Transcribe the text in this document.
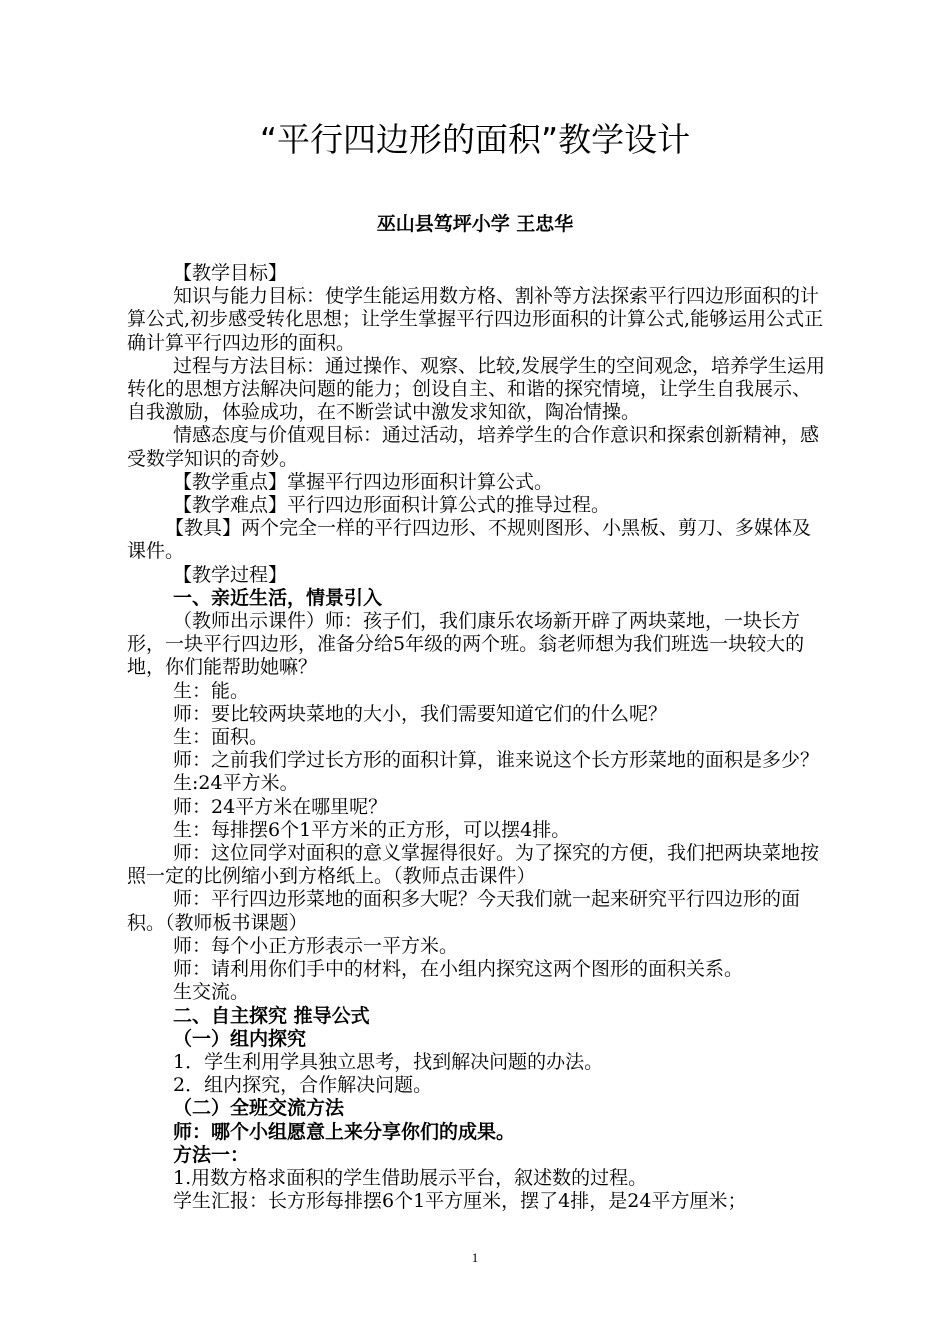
“平行四边形的面积”教学设计

巫山县笃坪小学 王忠华

【教学目标】

知识与能力目标：使学生能运用数方格、割补等方法探索平行四边形面积的计算公式,初步感受转化思想；让学生掌握平行四边形面积的计算公式,能够运用公式正确计算平行四边形的面积。

过程与方法目标：通过操作、观察、比较,发展学生的空间观念，培养学生运用转化的思想方法解决问题的能力；创设自主、和谐的探究情境，让学生自我展示、自我激励，体验成功，在不断尝试中激发求知欲，陶冶情操。

情感态度与价值观目标：通过活动，培养学生的合作意识和探索创新精神，感受数学知识的奇妙。

【教学重点】掌握平行四边形面积计算公式。

【教学难点】平行四边形面积计算公式的推导过程。

【教具】两个完全一样的平行四边形、不规则图形、小黑板、剪刀、多媒体及课件。

【教学过程】

一、亲近生活，情景引入

（教师出示课件）师：孩子们，我们康乐农场新开辟了两块菜地，一块长方形，一块平行四边形，准备分给5年级的两个班。翁老师想为我们班选一块较大的地，你们能帮助她嘛？

生：能。

师：要比较两块菜地的大小，我们需要知道它们的什么呢？

生：面积。

师：之前我们学过长方形的面积计算，谁来说这个长方形菜地的面积是多少？

生:24平方米。

师：24平方米在哪里呢？

生：每排摆6个1平方米的正方形，可以摆4排。

师：这位同学对面积的意义掌握得很好。为了探究的方便，我们把两块菜地按照一定的比例缩小到方格纸上。（教师点击课件）

师：平行四边形菜地的面积多大呢？今天我们就一起来研究平行四边形的面积。（教师板书课题）

师：每个小正方形表示一平方米。

师：请利用你们手中的材料，在小组内探究这两个图形的面积关系。

生交流。

二、自主探究 推导公式

（一）组内探究

1．学生利用学具独立思考，找到解决问题的办法。

2．组内探究，合作解决问题。

（二）全班交流方法

师：哪个小组愿意上来分享你们的成果。

方法一：

1.用数方格求面积的学生借助展示平台，叙述数的过程。

学生汇报：长方形每排摆6个1平方厘米，摆了4排，是24平方厘米；

1
